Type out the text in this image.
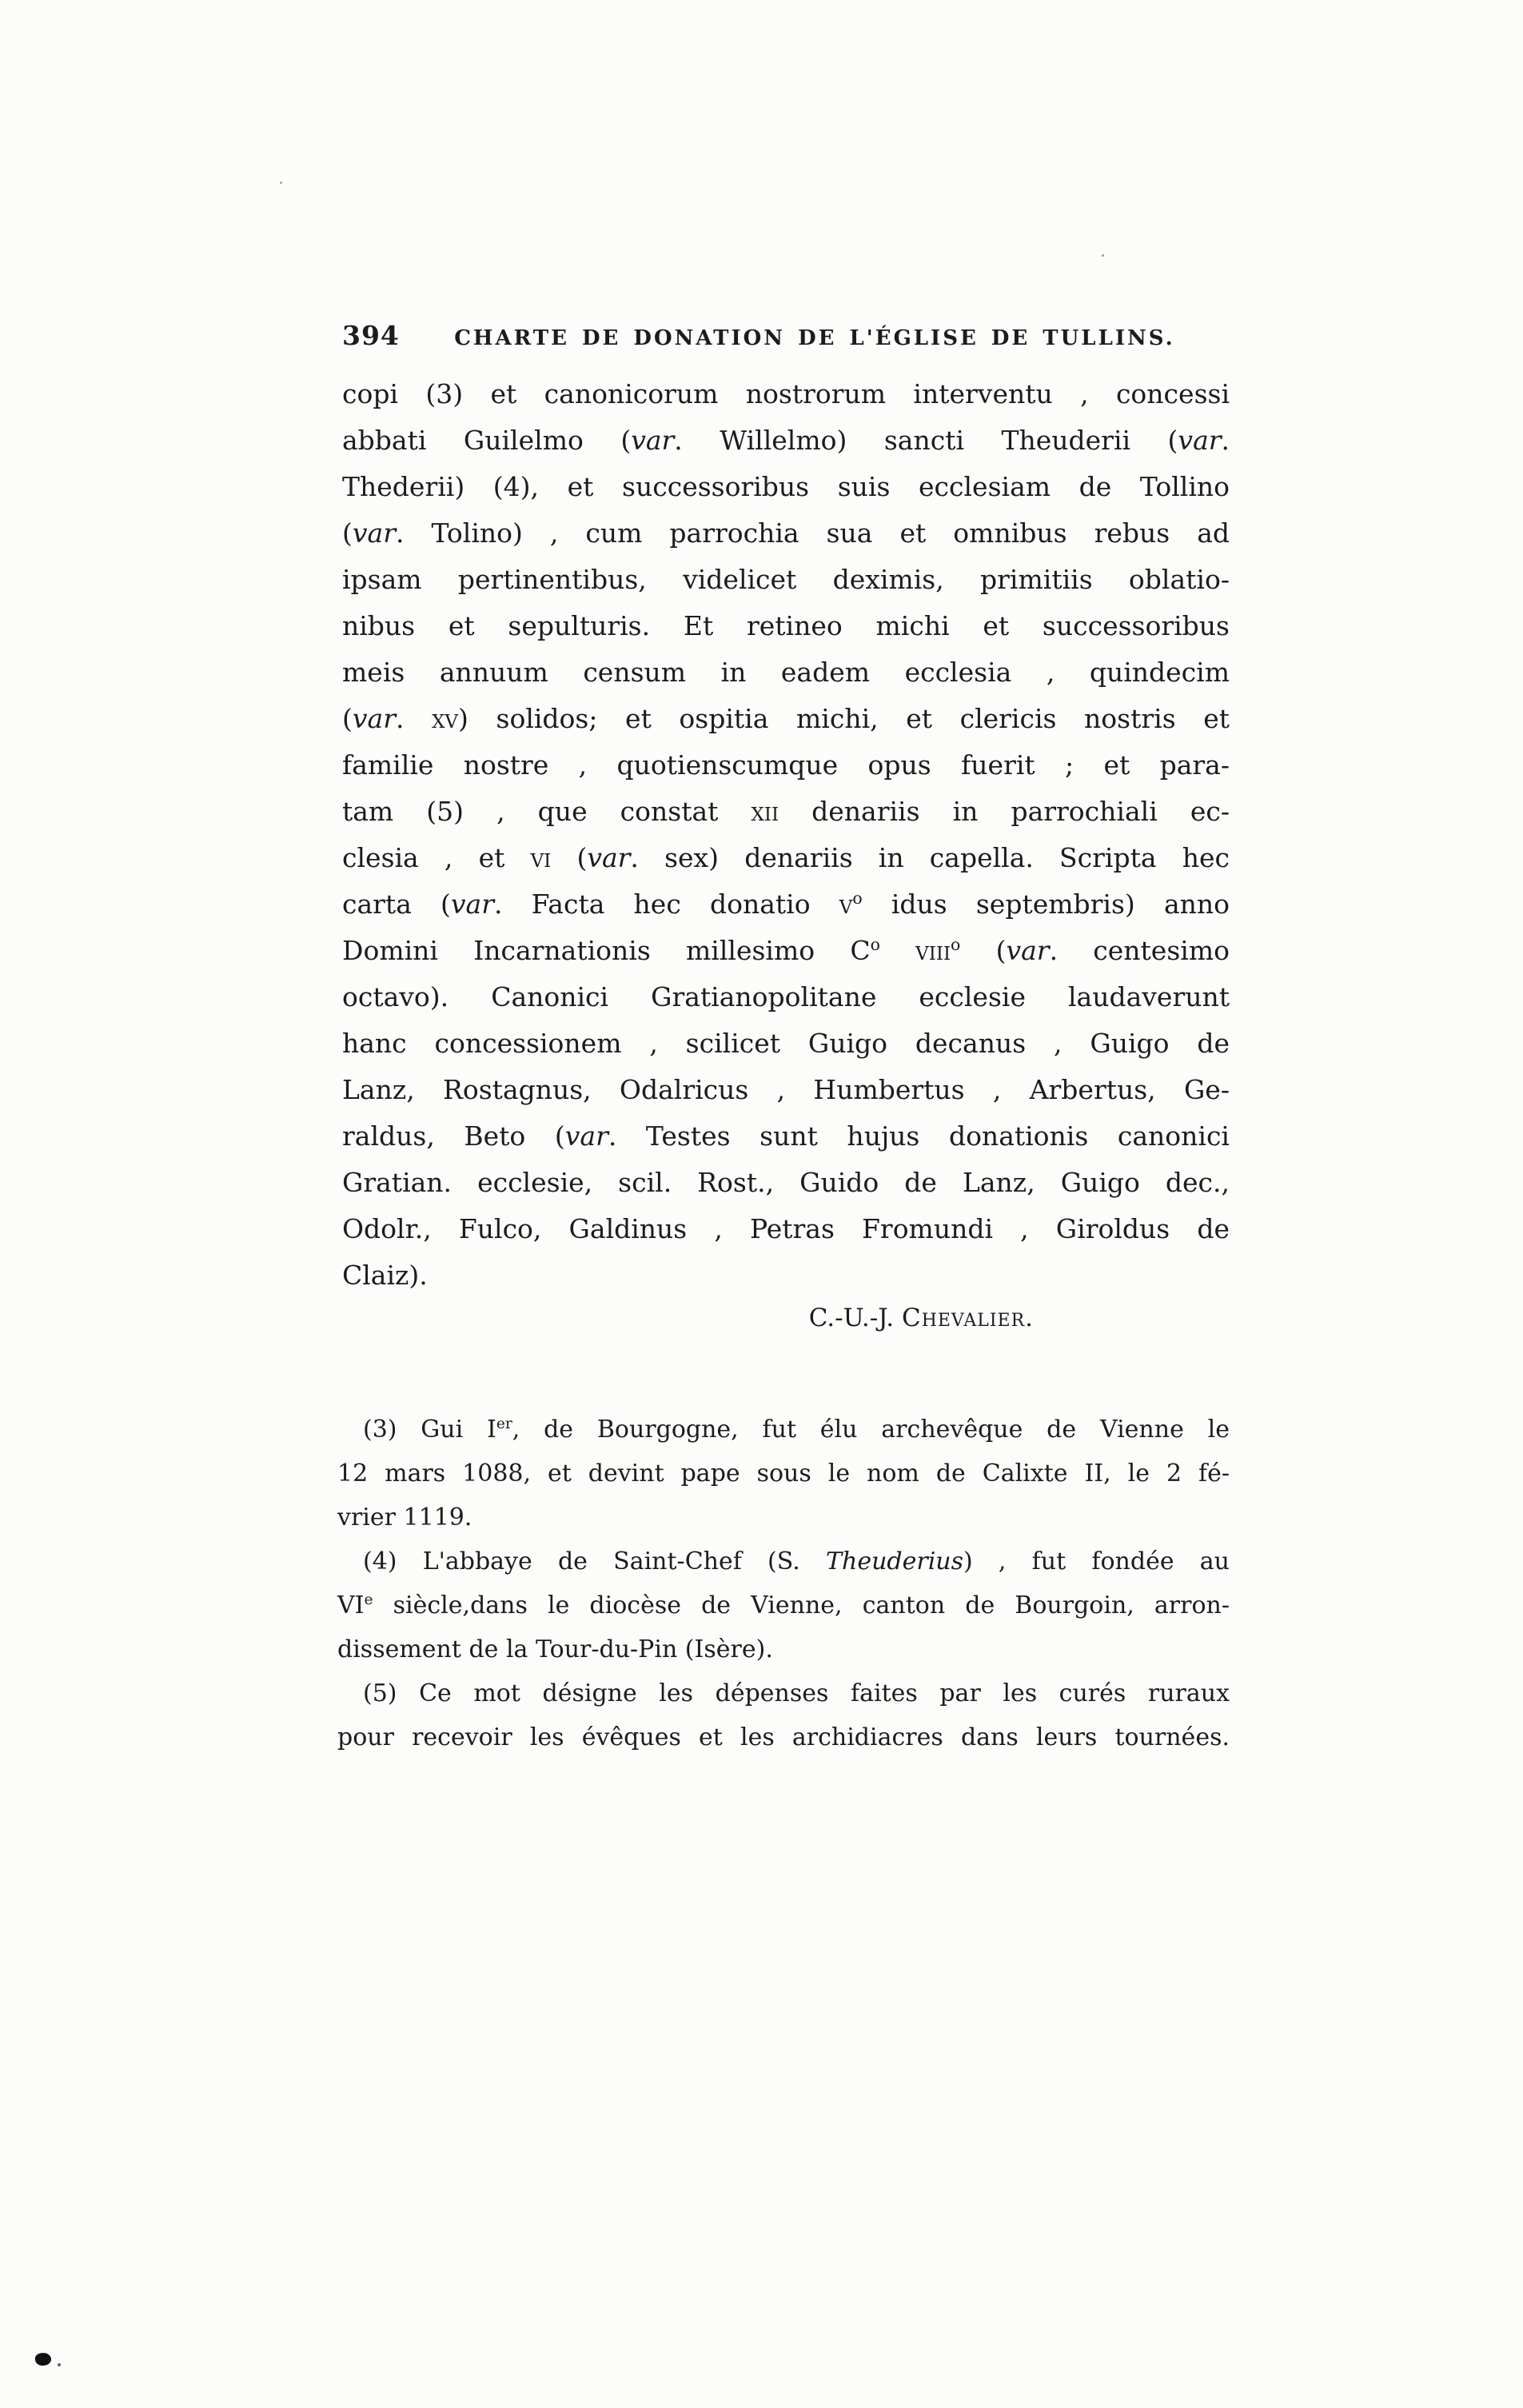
394	CHARTE DE DONATION DE L'ÉGLISE DE TULLINS.
copi (3) et canonicorum nostrorum interventu , concessi
abbati Guilelmo (var. Willelmo) sancti Theuderii (var.
Thederii) (4), et successoribus suis ecclesiam de Tollino
(var. Tolino) , cum parrochia sua et omnibus rebus ad
ipsam pertinentibus, videlicet deximis, primitiis oblatio-
nibus et sepulturis. Et retineo michi et successoribus
meis annuum censum in eadem ecclesia , quindecim
(var. xv) solidos; et ospitia michi, et clericis nostris et
familie nostre , quotienscumque opus fuerit ; et para-
tam (5) , que constat xii denariis in parrochiali ec-
clesia , et vi (var. sex) denariis in capella. Scripta hec
carta (var. Facta hec donatio $v^o$ idus septembris) anno
Domini Incarnationis millesimo $C^o$ viii$^o$ (var. centesimo
octavo). Canonici Gratianopolitane ecclesie laudaverunt
hanc concessionem , scilicet Guigo decanus , Guigo de
Lanz, Rostagnus, Odalricus , Humbertus , Arbertus, Ge-
raldus, Beto (var. Testes sunt hujus donationis canonici
Gratian. ecclesie, scil. Rost., Guido de Lanz, Guigo dec.,
Odolr., Fulco, Galdinus , Petras Fromundi , Giroldus de
Claiz).
C.-U.-J. Chevalier.
(3) Gui Ier, de Bourgogne, fut élu archevêque de Vienne le
12 mars 1088, et devint pape sous le nom de Calixte II, le 2 fé-
vrier 1119.
(4) L'abbaye de Saint-Chef (S. Theuderius) , fut fondée au
VIe siècle,dans le diocèse de Vienne, canton de Bourgoin, arron-
dissement de la Tour-du-Pin (Isère).
(5) Ce mot désigne les dépenses faites par les curés ruraux
pour recevoir les évêques et les archidiacres dans leurs tournées.
